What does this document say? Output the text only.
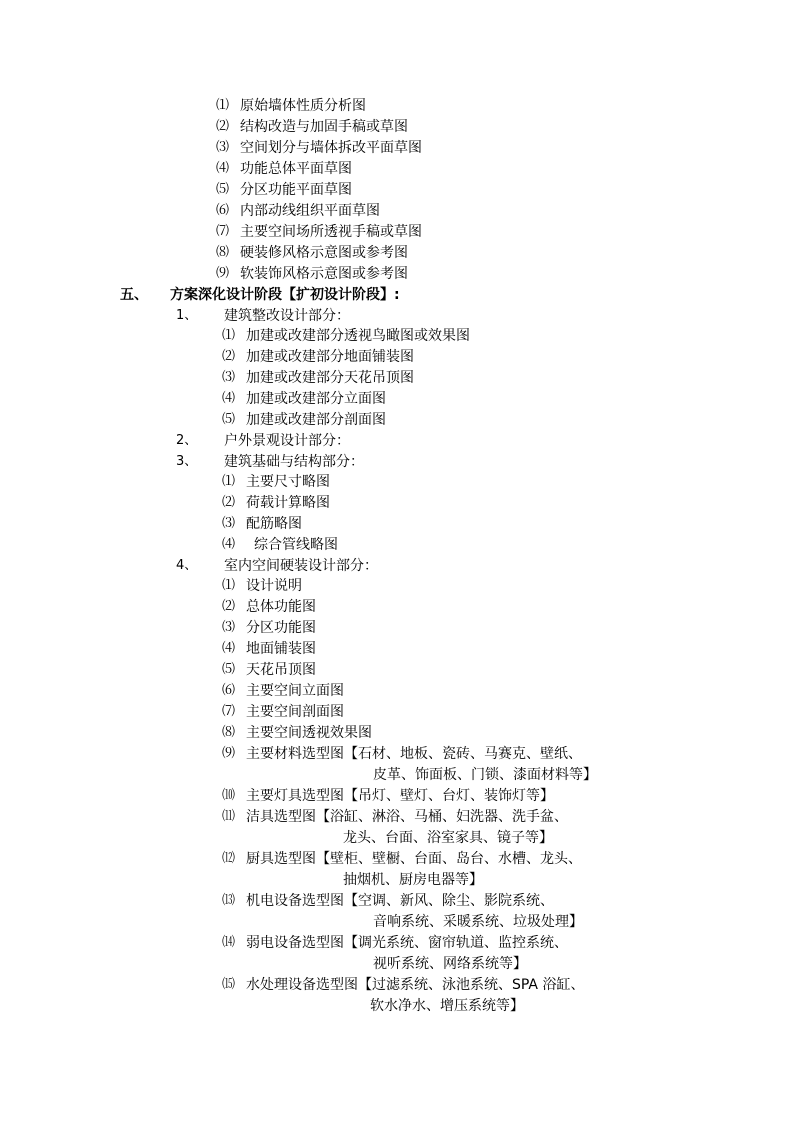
⑴ 原始墙体性质分析图
⑵ 结构改造与加固手稿或草图
⑶ 空间划分与墙体拆改平面草图
⑷ 功能总体平面草图
⑸ 分区功能平面草图
⑹ 内部动线组织平面草图
⑺ 主要空间场所透视手稿或草图
⑻ 硬装修风格示意图或参考图
⑼ 软装饰风格示意图或参考图
五、 方案深化设计阶段【扩初设计阶段】:
1、 建筑整改设计部分：
⑴ 加建或改建部分透视鸟瞰图或效果图
⑵ 加建或改建部分地面铺装图
⑶ 加建或改建部分天花吊顶图
⑷ 加建或改建部分立面图
⑸ 加建或改建部分剖面图
2、 户外景观设计部分：
3、 建筑基础与结构部分：
⑴ 主要尺寸略图
⑵ 荷载计算略图
⑶ 配筋略图
⑷ 综合管线略图
4、 室内空间硬装设计部分：
⑴ 设计说明
⑵ 总体功能图
⑶ 分区功能图
⑷ 地面铺装图
⑸ 天花吊顶图
⑹ 主要空间立面图
⑺ 主要空间剖面图
⑻ 主要空间透视效果图
⑼ 主要材料选型图【石材、地板、瓷砖、马赛克、壁纸、
皮革、饰面板、门锁、漆面材料等】
⑽ 主要灯具选型图【吊灯、壁灯、台灯、装饰灯等】
⑾ 洁具选型图【浴缸、淋浴、马桶、妇洗器、洗手盆、
龙头、台面、浴室家具、镜子等】
⑿ 厨具选型图【壁柜、壁橱、台面、岛台、水槽、龙头、
抽烟机、厨房电器等】
⒀ 机电设备选型图【空调、新风、除尘、影院系统、
音响系统、采暖系统、垃圾处理】
⒁ 弱电设备选型图【调光系统、窗帘轨道、监控系统、
视听系统、网络系统等】
⒂ 水处理设备选型图【过滤系统、泳池系统、SPA 浴缸、
软水净水、增压系统等】
